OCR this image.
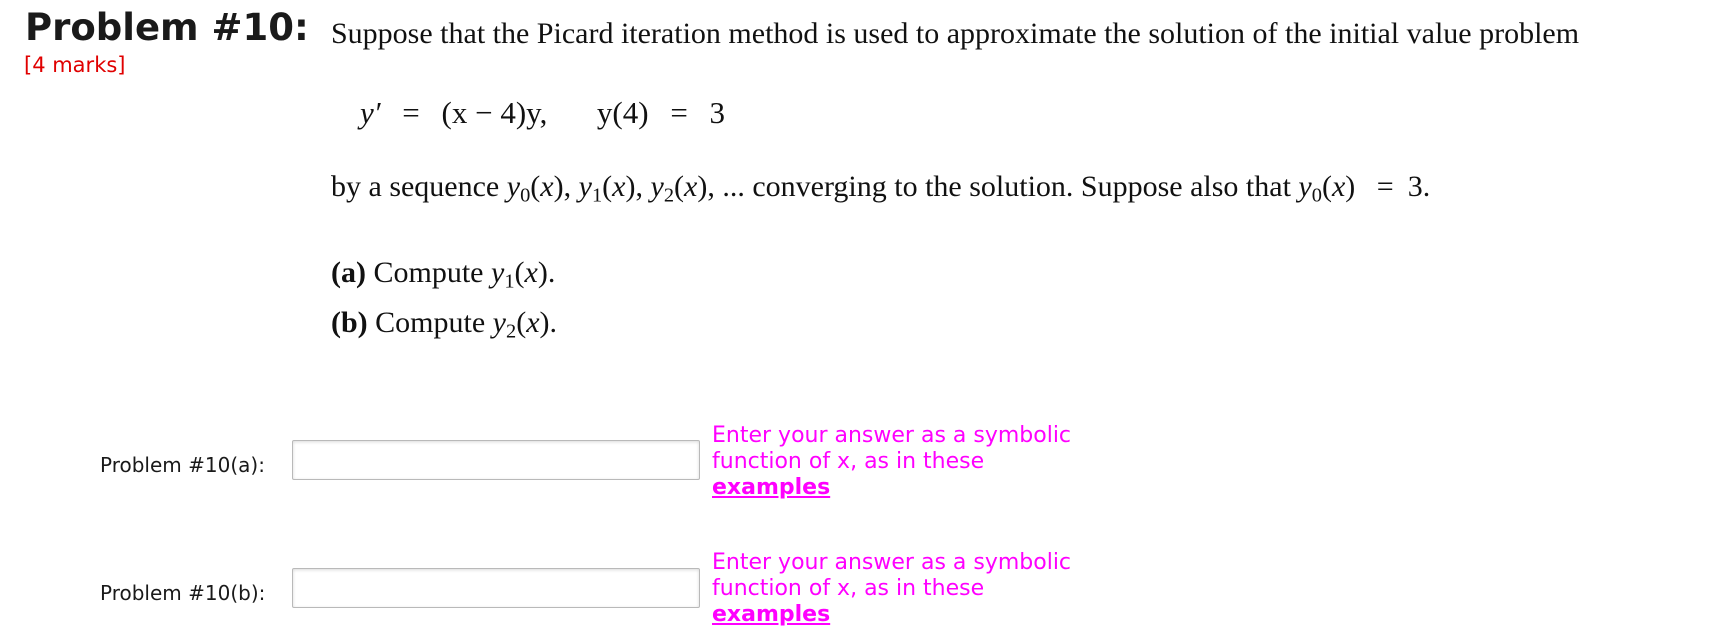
Problem #10:
[4 marks]
Suppose that the Picard iteration method is used to approximate the solution of the initial value problem
y′ = (x − 4)y, y(4) = 3
by a sequence $y_0(x)$, $y_1(x)$, $y_2(x)$, ... converging to the solution. Suppose also that $y_0(x) = 3$.
(a) Compute $y_1(x)$.
(b) Compute $y_2(x)$.
Problem #10(a):
Enter your answer as a symbolic function of x, as in these
examples
Problem #10(b):
Enter your answer as a symbolic function of x, as in these
examples
